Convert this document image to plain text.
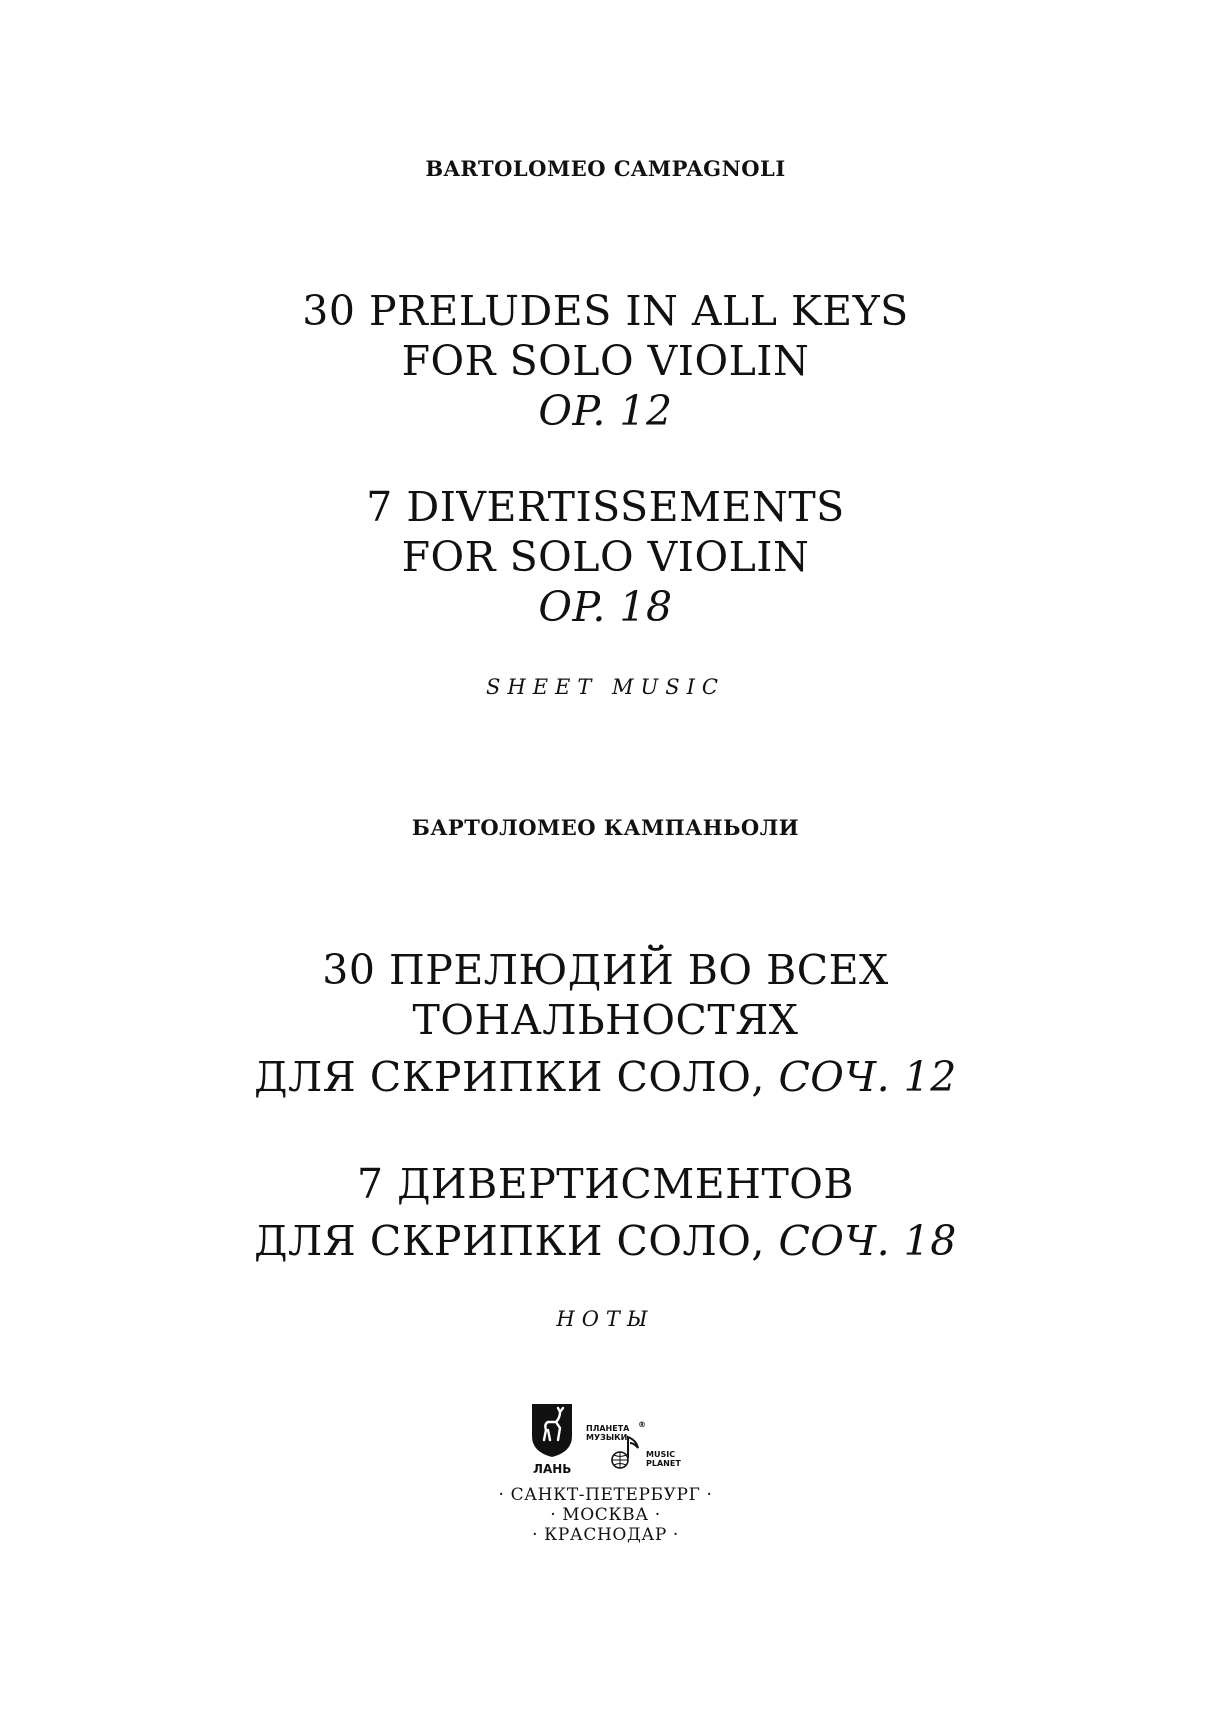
BARTOLOMEO CAMPAGNOLI
30 PRELUDES IN ALL KEYS
FOR SOLO VIOLIN
OP. 12
7 DIVERTISSEMENTS
FOR SOLO VIOLIN
OP. 18
SHEET MUSIC
БАРТОЛОМЕО КАМПАНЬОЛИ
30 ПРЕЛЮДИЙ ВО ВСЕХ
ТОНАЛЬНОСТЯХ
ДЛЯ СКРИПКИ СОЛО, СОЧ. 12
7 ДИВЕРТИСМЕНТОВ
ДЛЯ СКРИПКИ СОЛО, СОЧ. 18
НОТЫ
ЛАНЬ
ПЛАНЕТА
МУЗЫКИ
®
MUSIC
PLANET
· САНКТ-ПЕТЕРБУРГ ·
· МОСКВА ·
· КРАСНОДАР ·
